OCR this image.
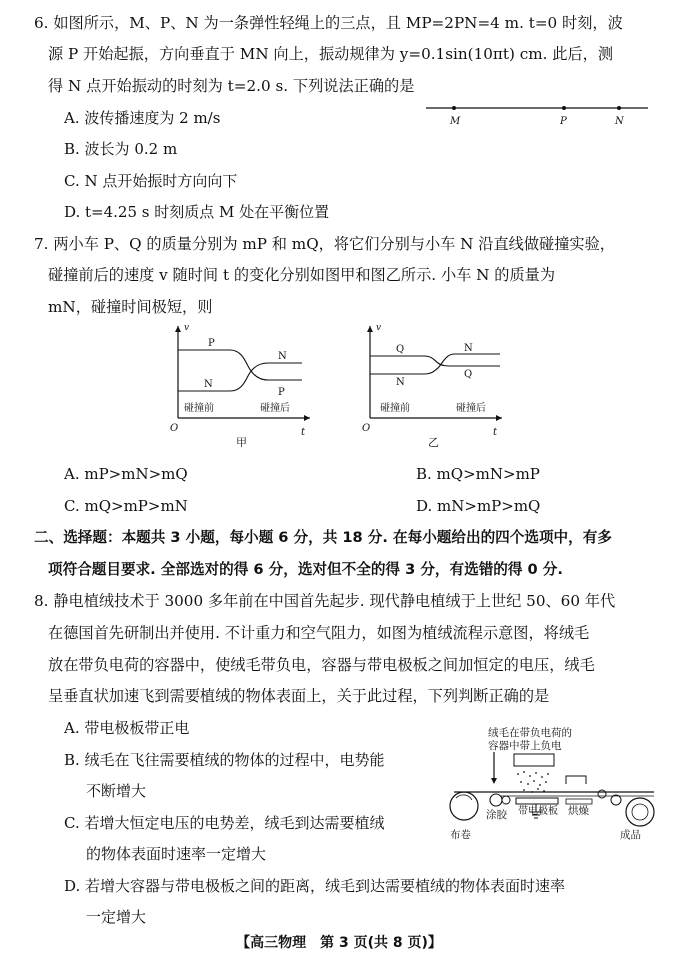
6. 如图所示，M、P、N 为一条弹性轻绳上的三点，且 MP=2PN=4 m. t=0 时刻，波
源 P 开始起振，方向垂直于 MN 向上，振动规律为 y=0.1sin(10πt) cm. 此后，测
得 N 点开始振动的时刻为 t=2.0 s. 下列说法正确的是
A. 波传播速度为 2 m/s
B. 波长为 0.2 m
C. N 点开始振时方向向下
D. t=4.25 s 时刻质点 M 处在平衡位置
M	P	N
7. 两小车 P、Q 的质量分别为 mP 和 mQ，将它们分别与小车 N 沿直线做碰撞实验，
碰撞前后的速度 v 随时间 t 的变化分别如图甲和图乙所示. 小车 N 的质量为
mN，碰撞时间极短，则
v
t
O
P
N
N
P
碰撞前	碰撞后
甲
v
t
O
Q
N
N
Q
碰撞前	碰撞后
乙
A. mP>mN>mQ	B. mQ>mN>mP
C. mQ>mP>mN	D. mN>mP>mQ
二、选择题：本题共 3 小题，每小题 6 分，共 18 分. 在每小题给出的四个选项中，有多
项符合题目要求. 全部选对的得 6 分，选对但不全的得 3 分，有选错的得 0 分.
8. 静电植绒技术于 3000 多年前在中国首先起步. 现代静电植绒于上世纪 50、60 年代
在德国首先研制出并使用. 不计重力和空气阻力，如图为植绒流程示意图，将绒毛
放在带负电荷的容器中，使绒毛带负电，容器与带电极板之间加恒定的电压，绒毛
呈垂直状加速飞到需要植绒的物体表面上，关于此过程，下列判断正确的是
A. 带电极板带正电
B. 绒毛在飞往需要植绒的物体的过程中，电势能
不断增大
C. 若增大恒定电压的电势差，绒毛到达需要植绒
的物体表面时速率一定增大
D. 若增大容器与带电极板之间的距离，绒毛到达需要植绒的物体表面时速率
一定增大
绒毛在带负电荷的
容器中带上负电
布卷
涂胶 带电极板 烘燥
成品
【高三物理　第 3 页(共 8 页)】
